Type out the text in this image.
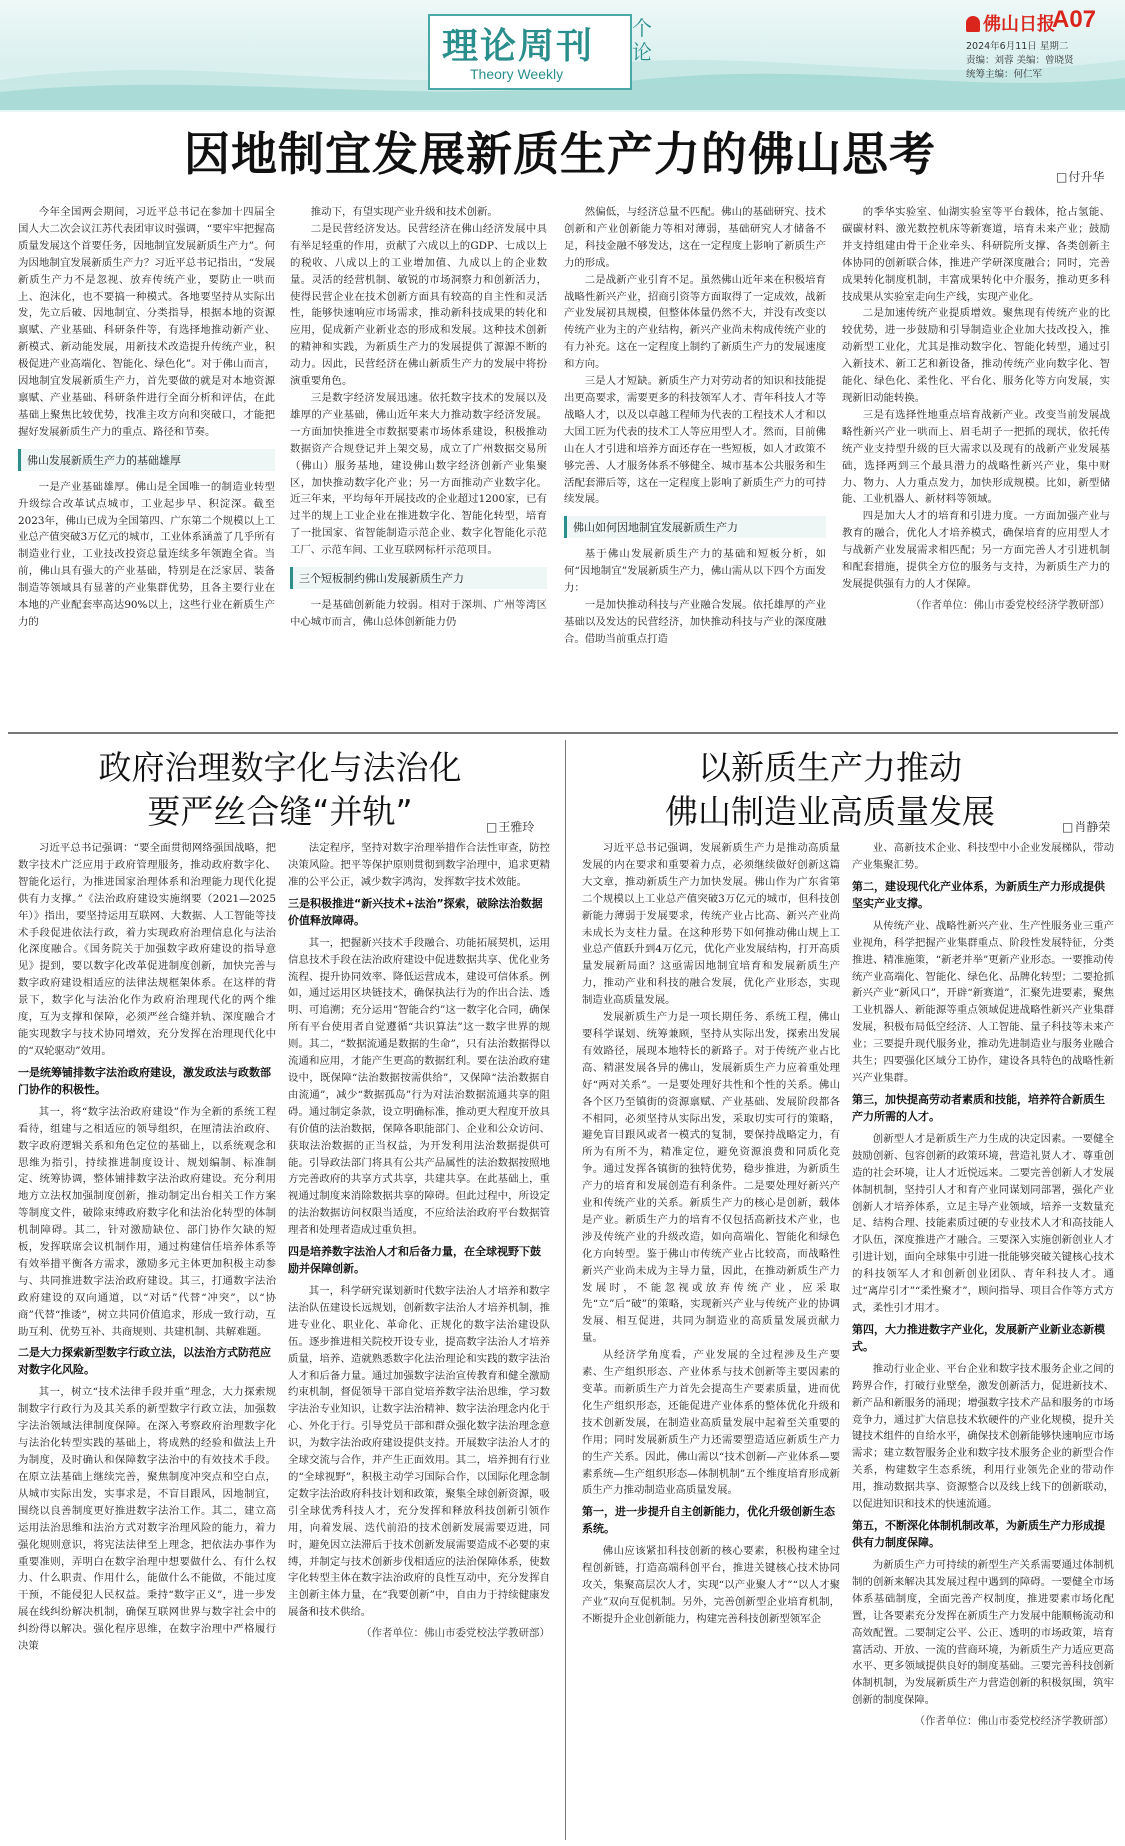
理论周刊
Theory Weekly
个论
佛山日报
A07
2024年6月11日 星期二
责编：刘蓉 美编：曾晓贤
统筹主编：何仁军
因地制宜发展新质生产力的佛山思考	□ 付升华

今年全国两会期间，习近平总书记在参加十四届全国人大二次会议江苏代表团审议时强调，“要牢牢把握高质量发展这个首要任务，因地制宜发展新质生产力”。何为因地制宜发展新质生产力？习近平总书记指出，“发展新质生产力不是忽视、放弃传统产业，要防止一哄而上、泡沫化，也不要搞一种模式。各地要坚持从实际出发，先立后破、因地制宜、分类指导，根据本地的资源禀赋、产业基础、科研条件等，有选择地推动新产业、新模式、新动能发展，用新技术改造提升传统产业，积极促进产业高端化、智能化、绿色化”。对于佛山而言，因地制宜发展新质生产力，首先要做的就是对本地资源禀赋、产业基础、科研条件进行全面分析和评估，在此基础上聚焦比较优势，找准主攻方向和突破口，才能把握好发展新质生产力的重点、路径和节奏。

佛山发展新质生产力的基础雄厚

一是产业基础雄厚。佛山是全国唯一的制造业转型升级综合改革试点城市，工业起步早、积淀深。截至2023年，佛山已成为全国第四、广东第二个规模以上工业总产值突破3万亿元的城市，工业体系涵盖了几乎所有制造业行业，工业技改投资总量连续多年领跑全省。当前，佛山具有强大的产业基础，特别是在泛家居、装备制造等领域具有显著的产业集群优势，且各主要行业在本地的产业配套率高达90%以上，这些行业在新质生产力的

推动下，有望实现产业升级和技术创新。

二是民营经济发达。民营经济在佛山经济发展中具有举足轻重的作用，贡献了六成以上的GDP、七成以上的税收、八成以上的工业增加值、九成以上的企业数量。灵活的经营机制、敏锐的市场洞察力和创新活力，使得民营企业在技术创新方面具有较高的自主性和灵活性，能够快速响应市场需求，推动新科技成果的转化和应用，促成新产业新业态的形成和发展。这种技术创新的精神和实践，为新质生产力的发展提供了源源不断的动力。因此，民营经济在佛山新质生产力的发展中将扮演重要角色。

三是数字经济发展迅速。依托数字技术的发展以及雄厚的产业基础，佛山近年来大力推动数字经济发展。一方面加快推进全市数据要素市场体系建设，积极推动数据资产合规登记并上架交易，成立了广州数据交易所（佛山）服务基地，建设佛山数字经济创新产业集聚区，加快推动数字化产业；另一方面推动产业数字化。近三年来，平均每年开展技改的企业超过1200家，已有过半的规上工业企业在推进数字化、智能化转型，培育了一批国家、省智能制造示范企业、数字化智能化示范工厂、示范车间、工业互联网标杆示范项目。

三个短板制约佛山发展新质生产力

一是基础创新能力较弱。相对于深圳、广州等湾区中心城市而言，佛山总体创新能力仍

然偏低，与经济总量不匹配。佛山的基础研究、技术创新和产业创新能力等相对薄弱，基础研究人才储备不足，科技金融不够发达，这在一定程度上影响了新质生产力的形成。

二是战新产业引育不足。虽然佛山近年来在积极培育战略性新兴产业，招商引资等方面取得了一定成效，战新产业发展初具规模，但整体体量仍然不大，并没有改变以传统产业为主的产业结构，新兴产业尚未构成传统产业的有力补充。这在一定程度上制约了新质生产力的发展速度和方向。

三是人才短缺。新质生产力对劳动者的知识和技能提出更高要求，需要更多的科技领军人才、青年科技人才等战略人才，以及以卓越工程师为代表的工程技术人才和以大国工匠为代表的技术工人等应用型人才。然而，目前佛山在人才引进和培养方面还存在一些短板，如人才政策不够完善、人才服务体系不够健全、城市基本公共服务和生活配套滞后等，这在一定程度上影响了新质生产力的可持续发展。

佛山如何因地制宜发展新质生产力

基于佛山发展新质生产力的基础和短板分析，如何“因地制宜”发展新质生产力，佛山需从以下四个方面发力：

一是加快推动科技与产业融合发展。依托雄厚的产业基础以及发达的民营经济，加快推动科技与产业的深度融合。借助当前重点打造

的季华实验室、仙湖实验室等平台载体，抢占氢能、碳碳材料、激光数控机床等新赛道，培育未来产业；鼓励并支持组建由骨干企业牵头、科研院所支撑、各类创新主体协同的创新联合体，推进产学研深度融合；同时，完善成果转化制度机制，丰富成果转化中介服务，推动更多科技成果从实验室走向生产线，实现产业化。

二是加速传统产业提质增效。聚焦现有传统产业的比较优势，进一步鼓励和引导制造业企业加大技改投入，推动新型工业化，尤其是推动数字化、智能化转型，通过引入新技术、新工艺和新设备，推动传统产业向数字化、智能化、绿色化、柔性化、平台化、服务化等方向发展，实现新旧动能转换。

三是有选择性地重点培育战新产业。改变当前发展战略性新兴产业一哄而上、眉毛胡子一把抓的现状，依托传统产业支持型升级的巨大需求以及现有的战新产业发展基础，选择两到三个最具潜力的战略性新兴产业，集中财力、物力、人力重点发力，加快形成规模。比如，新型储能、工业机器人、新材料等领域。

四是加大人才的培育和引进力度。一方面加强产业与教育的融合，优化人才培养模式，确保培育的应用型人才与战新产业发展需求相匹配；另一方面完善人才引进机制和配套措施，提供全方位的服务与支持，为新质生产力的发展提供强有力的人才保障。

（作者单位：佛山市委党校经济学教研部）
政府治理数字化与法治化
要严丝合缝“并轨”	□ 王雅玲

习近平总书记强调：“要全面贯彻网络强国战略，把数字技术广泛应用于政府管理服务，推动政府数字化、智能化运行，为推进国家治理体系和治理能力现代化提供有力支撑。”《法治政府建设实施纲要（2021—2025年）》指出，要坚持运用互联网、大数据、人工智能等技术手段促进依法行政，着力实现政府治理信息化与法治化深度融合。《国务院关于加强数字政府建设的指导意见》提到，要以数字化改革促进制度创新，加快完善与数字政府建设相适应的法律法规框架体系。在这样的背景下，数字化与法治化作为政府治理现代化的两个维度，互为支撑和保障，必须严丝合缝并轨、深度融合才能实现数字与技术协同增效，充分发挥在治理现代化中的“双轮驱动”效用。

一是统筹铺排数字法治政府建设，激发政法与政数部门协作的积极性。

其一，将“数字法治政府建设”作为全新的系统工程看待，组建与之相适应的领导组织，在厘清法治政府、数字政府逻辑关系和角色定位的基础上，以系统观念和思维为指引，持续推进制度设计、规划编制、标准制定、统筹协调，整体铺排数字法治政府建设。充分利用地方立法权加强制度创新，推动制定出台相关工作方案等制度文件，破除束缚政府数字化和法治化转型的体制机制障碍。其二，针对激励缺位、部门协作欠缺的短板，发挥联席会议机制作用，通过构建信任培养体系等有效举措平衡各方需求，激励多元主体更加积极主动参与、共同推进数字法治政府建设。其三，打通数字法治政府建设的双向通道，以“对话”代替“冲突”，以“协商”代替“推诿”，树立共同价值追求，形成一致行动，互助互利、优势互补、共商规则、共建机制、共解难题。

二是大力探索新型数字行政立法，以法治方式防范应对数字化风险。

其一，树立“技术法律手段并重”理念，大力探索规制数字行政行为及其关系的新型数字行政立法，加强数字法治领域法律制度保障。在深入考察政府治理数字化与法治化转型实践的基础上，将成熟的经验和做法上升为制度，及时确认和保障数字法治中的有效技术手段。在原立法基础上继续完善，聚焦制度冲突点和空白点，从城市实际出发，实事求是，不盲目跟风，因地制宜，围绕以良善制度更好推进数字法治工作。其二，建立高运用法治思维和法治方式对数字治理风险的能力，着力强化规则意识，将宪法法律至上理念，把依法办事作为重要准则，弄明白在数字治理中想要做什么、有什么权力、什么职责、作用什么，能做什么不能做，不能过度干预，不能侵犯人民权益。秉持“数字正义”，进一步发展在线纠纷解决机制，确保互联网世界与数字社会中的纠纷得以解决。强化程序思维，在数字治理中严格履行决策

法定程序，坚持对数字治理举措作合法性审查，防控决策风险。把平等保护原则贯彻到数字治理中，追求更精准的公平公正，减少数字鸿沟，发挥数字技术效能。

三是积极推进“新兴技术+法治”探索，破除法治数据价值释放障碍。

其一，把握新兴技术手段融合、功能拓展契机，运用信息技术手段在法治政府建设中促进数据共享、优化业务流程、提升协同效率、降低运营成本，建设可信体系。例如，通过运用区块链技术，确保执法行为的作出合法、透明、可追溯；充分运用“智能合约”这一数字化合同，确保所有平台使用者自觉遵循“共识算法”这一数字世界的规则。其二，“数据流通是数据的生命”，只有法治数据得以流通和应用，才能产生更高的数据红利。要在法治政府建设中，既保障“法治数据按需供给”，又保障“法治数据自由流通”，减少“数据孤岛”行为对法治数据流通共享的阻碍。通过制定条款，设立明确标准，推动更大程度开放具有价值的法治数据，保障各职能部门、企业和公众访问、获取法治数据的正当权益，为开发利用法治数据提供可能。引导政法部门将具有公共产品属性的法治数据按照地方完善政府的共享方式共享，共建共享。在此基础上，重视通过制度来消除数据共享的障碍。但此过程中，所设定的法治数据访问权限当适度，不应给法治政府平台数据管理者和处理者造成过重负担。

四是培养数字法治人才和后备力量，在全球视野下鼓励并保障创新。

其一，科学研究谋划新时代数字法治人才培养和数字法治队伍建设长远规划，创新数字法治人才培养机制，推进专业化、职业化、革命化、正规化的数字法治建设队伍。逐步推进相关院校开设专业，提高数字法治人才培养质量，培养、造就熟悉数字化法治理论和实践的数字法治人才和后备力量。通过加强数字法治宣传教育和健全激励约束机制，督促领导干部自觉培养数字法治思维，学习数字法治专业知识，让数字法治精神、数字法治理念内化于心、外化于行。引导党员干部和群众强化数字法治理念意识，为数字法治政府建设提供支持。开展数字法治人才的全球交流与合作，并产生正面效用。其二，培养拥有行业的“全球视野”，积极主动学习国际合作，以国际化理念制定数字法治政府科技计划和政策，聚集全球创新资源，吸引全球优秀科技人才，充分发挥和释放科技创新引领作用，向着发展、迭代前沿的技术创新发展需要迈进，同时，避免因立法滞后于技术创新发展需要造成不必要的束缚，并制定与技术创新步伐相适应的法治保障体系，使数字化转型主体在数字法治政府的良性互动中，充分发挥自主创新主体力量，在“我要创新”中，自由力于持续健康发展备和技术供给。

（作者单位：佛山市委党校法学教研部）
以新质生产力推动
佛山制造业高质量发展	□ 肖静荣

习近平总书记强调，发展新质生产力是推动高质量发展的内在要求和重要着力点，必须继续做好创新这篇大文章，推动新质生产力加快发展。佛山作为广东省第二个规模以上工业总产值突破3万亿元的城市，但科技创新能力薄弱于发展要求，传统产业占比高、新兴产业尚未成长为支柱力量。在这种形势下如何推动佛山规上工业总产值跃升到4万亿元，优化产业发展结构，打开高质量发展新局面？这亟需因地制宜培育和发展新质生产力，推动产业和科技的融合发展，优化产业形态，实现制造业高质量发展。

发展新质生产力是一项长期任务、系统工程，佛山要科学谋划、统筹兼顾，坚持从实际出发，探索出发展有效路径，展现本地特长的新路子。对于传统产业占比高、精湛发展各异的佛山，发展新质生产力应着重处理好“两对关系”。一是要处理好共性和个性的关系。佛山各个区乃至镇街的资源禀赋、产业基础、发展阶段都各不相同，必须坚持从实际出发，采取切实可行的策略，避免盲目跟风或者一模式的复制，要保持战略定力，有所为有所不为，精准定位，避免资源浪费和同质化竞争。通过发挥各镇街的独特优势，稳步推进，为新质生产力的培育和发展创造有利条件。二是要处理好新兴产业和传统产业的关系。新质生产力的核心是创新，载体是产业。新质生产力的培育不仅包括高新技术产业，也涉及传统产业的升级改造，如向高端化、智能化和绿色化方向转型。鉴于佛山市传统产业占比较高，而战略性新兴产业尚未成为主导力量，因此，在推动新质生产力发展时，不能忽视或放弃传统产业，应采取先“立”后“破”的策略，实现新兴产业与传统产业的协调发展、相互促进，共同为制造业的高质量发展贡献力量。

从经济学角度看，产业发展的全过程涉及生产要素、生产组织形态、产业体系与技术创新等主要因素的变革。而新质生产力首先会提高生产要素质量，进而优化生产组织形态，还能促进产业体系的整体优化升级和技术创新发展，在制造业高质量发展中起着至关重要的作用；同时发展新质生产力还需要塑造适应新质生产力的生产关系。因此，佛山需以“技术创新—产业体系—要素系统—生产组织形态—体制机制”五个维度培育形成新质生产力推动制造业高质量发展。

第一，进一步提升自主创新能力，优化升级创新生态系统。

佛山应该紧扣科技创新的核心要素，积极构建全过程创新链，打造高端科创平台，推进关键核心技术协同攻关，集聚高层次人才，实现“以产业聚人才”“以人才聚产业”双向互促机制。另外，完善创新型企业培育机制，不断提升企业创新能力，构建完善科技创新型领军企

业、高新技术企业、科技型中小企业发展梯队，带动产业集聚汇势。

第二，建设现代化产业体系，为新质生产力形成提供坚实产业支撑。

从传统产业、战略性新兴产业、生产性服务业三重产业视角，科学把握产业集群重点、阶段性发展特征，分类推进、精准施策，“新老并举”更新产业形态。一要推动传统产业高端化、智能化、绿色化、品牌化转型；二要抢抓新兴产业“新风口”，开辟“新赛道”，汇聚先进要素，聚焦工业机器人、新能源等重点领域促进战略性新兴产业集群发展，积极布局低空经济、人工智能、量子科技等未来产业；三要提升现代服务业，推动先进制造业与服务业融合共生；四要强化区域分工协作，建设各具特色的战略性新兴产业集群。

第三，加快提高劳动者素质和技能，培养符合新质生产力所需的人才。

创新型人才是新质生产力生成的决定因素。一要健全鼓励创新、包容创新的政策环境，营造礼贤人才、尊重创造的社会环境，让人才近悦远来。二要完善创新人才发展体制机制，坚持引人才和育产业同谋划同部署，强化产业创新人才培养体系，立足主导产业领域，培养一支数量充足、结构合理、技能素质过硬的专业技术人才和高技能人才队伍，深度推进产才融合。三要深入实施创新创业人才引进计划，面向全球集中引进一批能够突破关键核心技术的科技领军人才和创新创业团队、青年科技人才。通过“离岸引才”“柔性聚才”，顾问指导、项目合作等方式方式，柔性引才用才。

第四，大力推进数字产业化，发展新产业新业态新模式。

推动行业企业、平台企业和数字技术服务企业之间的跨界合作，打破行业壁垒，激发创新活力，促进新技术、新产品和新服务的涌现；增强数字技术产品和服务的市场竞争力，通过扩大信息技术软硬件的产业化规模，提升关键技术组件的自给水平，确保技术创新能够快速响应市场需求；建立数智服务企业和数字技术服务企业的新型合作关系，构建数字生态系统，利用行业领先企业的带动作用，推动数据共享、资源整合以及线上线下的创新联动，以促进知识和技术的快速流通。

第五，不断深化体制机制改革，为新质生产力形成提供有力制度保障。

为新质生产力可持续的新型生产关系需要通过体制机制的创新来解决其发展过程中遇到的障碍。一要健全市场体系基础制度，全面完善产权制度，推进要素市场化配置，让各要素充分发挥在新质生产力发展中能顺畅流动和高效配置。二要制定公平、公正、透明的市场政策，培育富活动、开放、一流的营商环境，为新质生产力适应更高水平、更多领域提供良好的制度基础。三要完善科技创新体制机制，为发展新质生产力营造创新的积极氛围，筑牢创新的制度保障。

（作者单位：佛山市委党校经济学教研部）
